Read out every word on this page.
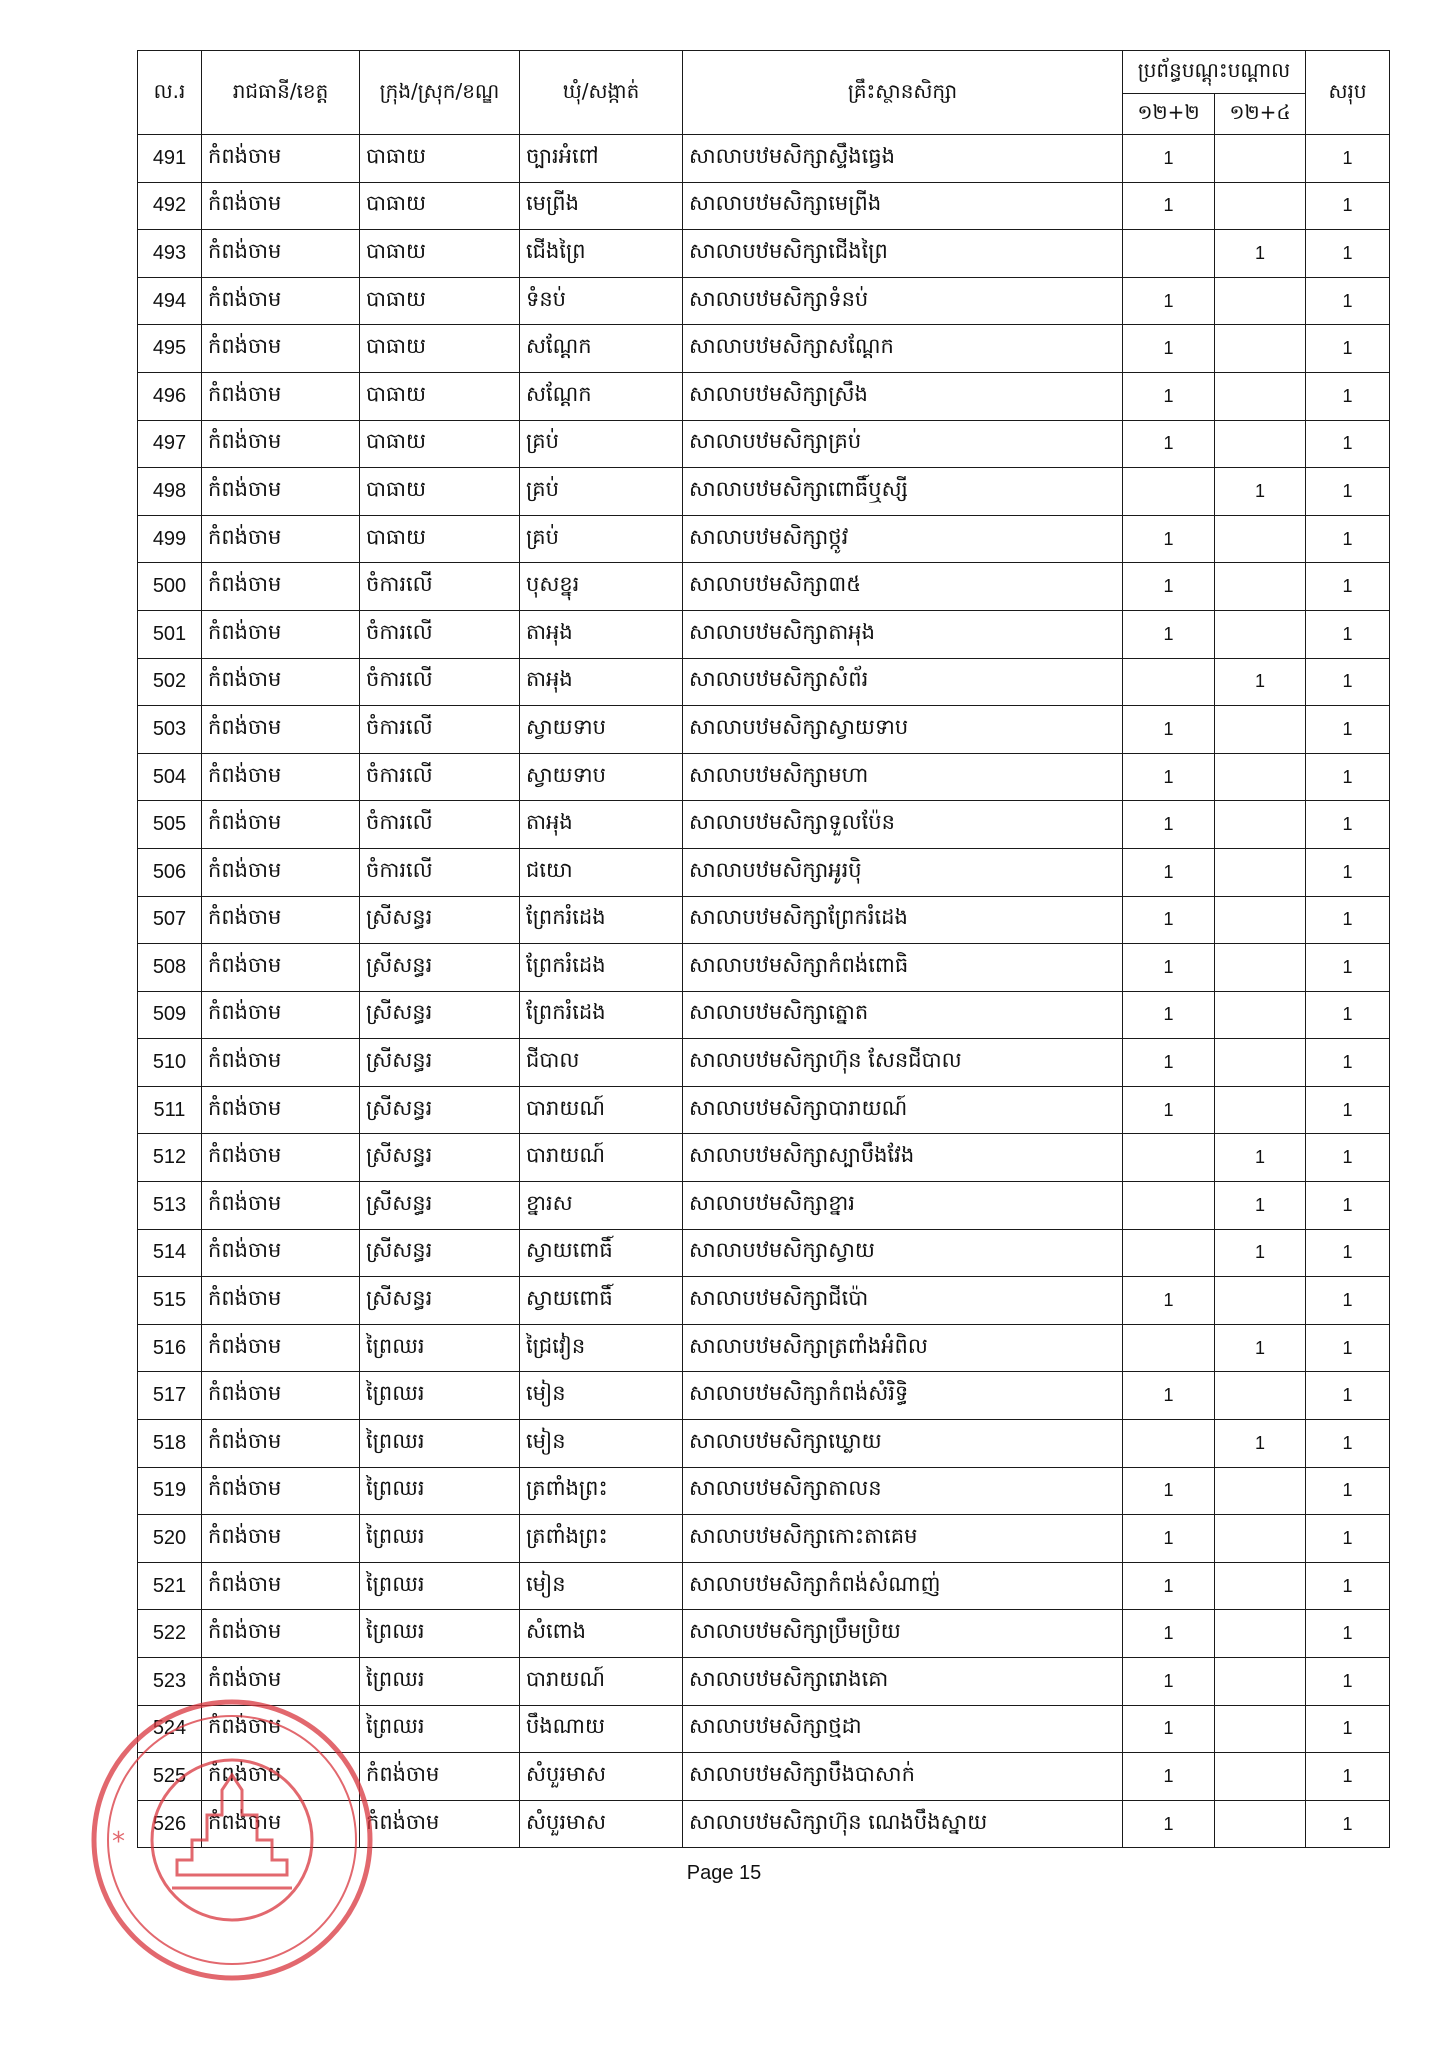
ល.រ	រាជធានី/ខេត្ត	ក្រុង/ស្រុក/ខណ្ឌ	ឃុំ/សង្កាត់	គ្រឹះស្ថានសិក្សា	ប្រព័ន្ធបណ្តុះបណ្តាល		សរុប
					១២+២	១២+៤	
491	កំពង់ចាម	បាធាយ	ច្បារអំពៅ	សាលាបឋមសិក្សាស្ទឹងធ្វេង	1		1
492	កំពង់ចាម	បាធាយ	មេព្រីង	សាលាបឋមសិក្សាមេព្រីង	1		1
493	កំពង់ចាម	បាធាយ	ជើងព្រៃ	សាលាបឋមសិក្សាជើងព្រៃ		1	1
494	កំពង់ចាម	បាធាយ	ទំនប់	សាលាបឋមសិក្សាទំនប់	1		1
495	កំពង់ចាម	បាធាយ	សណ្តែក	សាលាបឋមសិក្សាសណ្តែក	1		1
496	កំពង់ចាម	បាធាយ	សណ្តែក	សាលាបឋមសិក្សាស្រឹង	1		1
497	កំពង់ចាម	បាធាយ	គ្រប់	សាលាបឋមសិក្សាគ្រប់	1		1
498	កំពង់ចាម	បាធាយ	គ្រប់	សាលាបឋមសិក្សាពោធិ៍ឬស្សី		1	1
499	កំពង់ចាម	បាធាយ	គ្រប់	សាលាបឋមសិក្សាថ្កូវ	1		1
500	កំពង់ចាម	ចំការលើ	បុសខ្នុរ	សាលាបឋមសិក្សា៣៥	1		1
501	កំពង់ចាម	ចំការលើ	តាអុង	សាលាបឋមសិក្សាតាអុង	1		1
502	កំពង់ចាម	ចំការលើ	តាអុង	សាលាបឋមសិក្សាសំព័រ		1	1
503	កំពង់ចាម	ចំការលើ	ស្វាយទាប	សាលាបឋមសិក្សាស្វាយទាប	1		1
504	កំពង់ចាម	ចំការលើ	ស្វាយទាប	សាលាបឋមសិក្សាមហា	1		1
505	កំពង់ចាម	ចំការលើ	តាអុង	សាលាបឋមសិក្សាទួលប៉ែន	1		1
506	កំពង់ចាម	ចំការលើ	ជយោ	សាលាបឋមសិក្សាអូរប៉ិ	1		1
507	កំពង់ចាម	ស្រីសន្ធរ	ព្រែករំដេង	សាលាបឋមសិក្សាព្រែករំដេង	1		1
508	កំពង់ចាម	ស្រីសន្ធរ	ព្រែករំដេង	សាលាបឋមសិក្សាកំពង់ពោធិ	1		1
509	កំពង់ចាម	ស្រីសន្ធរ	ព្រែករំដេង	សាលាបឋមសិក្សាត្នោត	1		1
510	កំពង់ចាម	ស្រីសន្ធរ	ជីបាល	សាលាបឋមសិក្សាហ៊ុន សែនជីបាល	1		1
511	កំពង់ចាម	ស្រីសន្ធរ	បារាយណ៍	សាលាបឋមសិក្សាបារាយណ៍	1		1
512	កំពង់ចាម	ស្រីសន្ធរ	បារាយណ៍	សាលាបឋមសិក្សាស្បាបឹងវែង		1	1
513	កំពង់ចាម	ស្រីសន្ធរ	ខ្នារស	សាលាបឋមសិក្សាខ្នារ		1	1
514	កំពង់ចាម	ស្រីសន្ធរ	ស្វាយពោធិ៍	សាលាបឋមសិក្សាស្វាយ		1	1
515	កំពង់ចាម	ស្រីសន្ធរ	ស្វាយពោធិ៍	សាលាបឋមសិក្សាជីប៉ោ	1		1
516	កំពង់ចាម	ព្រៃឈរ	ជ្រៃវៀន	សាលាបឋមសិក្សាត្រពាំងអំពិល		1	1
517	កំពង់ចាម	ព្រៃឈរ	មៀន	សាលាបឋមសិក្សាកំពង់សំរិទ្ធិ	1		1
518	កំពង់ចាម	ព្រៃឈរ	មៀន	សាលាបឋមសិក្សាឃ្លោយ		1	1
519	កំពង់ចាម	ព្រៃឈរ	ត្រពាំងព្រះ	សាលាបឋមសិក្សាតាលន	1		1
520	កំពង់ចាម	ព្រៃឈរ	ត្រពាំងព្រះ	សាលាបឋមសិក្សាកោះតាគេម	1		1
521	កំពង់ចាម	ព្រៃឈរ	មៀន	សាលាបឋមសិក្សាកំពង់សំណាញ់	1		1
522	កំពង់ចាម	ព្រៃឈរ	សំពោង	សាលាបឋមសិក្សាប្រឹមប្រិយ	1		1
523	កំពង់ចាម	ព្រៃឈរ	បារាយណ៍	សាលាបឋមសិក្សារោងគោ	1		1
524	កំពង់ចាម	ព្រៃឈរ	បឹងណាយ	សាលាបឋមសិក្សាថ្មដា	1		1
525	កំពង់ចាម	កំពង់ចាម	សំបួរមាស	សាលាបឋមសិក្សាបឹងបាសាក់	1		1
526	កំពង់ចាម	កំពង់ចាម	សំបួរមាស	សាលាបឋមសិក្សាហ៊ុន ណេងបឹងស្នាយ	1		1
Page 15
*
